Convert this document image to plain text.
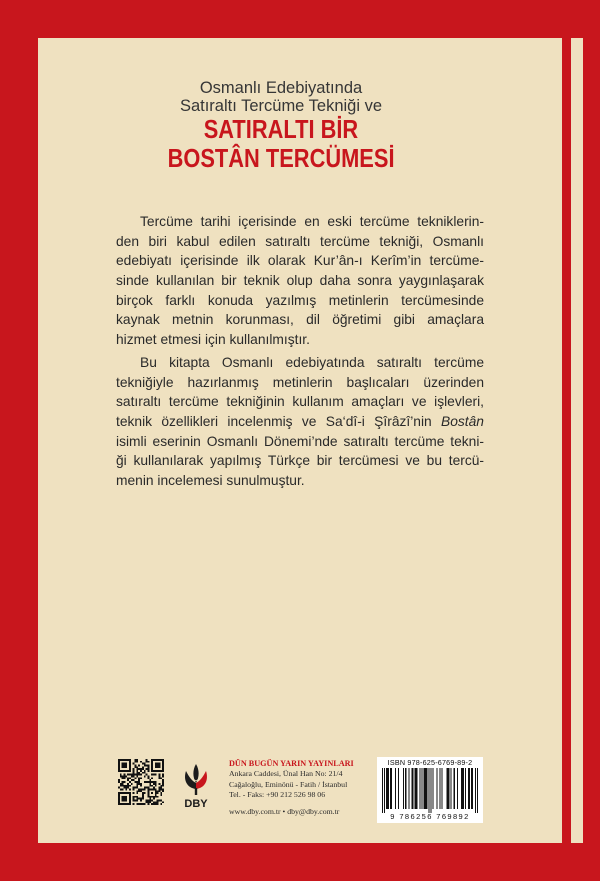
Osmanlı Edebiyatında
Satıraltı Tercüme Tekniği ve
SATIRALTI BİR
BOSTÂN TERCÜMESİ
Tercüme tarihi içerisinde en eski tercüme tekniklerin-
den biri kabul edilen satıraltı tercüme tekniği, Osmanlı
edebiyatı içerisinde ilk olarak Kur’ân-ı Kerîm’in tercüme-
sinde kullanılan bir teknik olup daha sonra yaygınlaşarak
birçok farklı konuda yazılmış metinlerin tercümesinde
kaynak metnin korunması, dil öğretimi gibi amaçlara
hizmet etmesi için kullanılmıştır.
Bu kitapta Osmanlı edebiyatında satıraltı tercüme
tekniğiyle hazırlanmış metinlerin başlıcaları üzerinden
satıraltı tercüme tekniğinin kullanım amaçları ve işlevleri,
teknik özellikleri incelenmiş ve Sa‘dî-i Şîrâzî’nin Bostân
isimli eserinin Osmanlı Dönemi’nde satıraltı tercüme tekni-
ği kullanılarak yapılmış Türkçe bir tercümesi ve bu tercü-
menin incelemesi sunulmuştur.
DBY
DÜN BUGÜN YARIN YAYINLARI
Ankara Caddesi, Ünal Han No: 21/4
Cağaloğlu, Eminönü - Fatih / İstanbul
Tel. - Faks: +90 212 526 98 06
www.dby.com.tr • dby@dby.com.tr
ISBN 978-625-6769-89-2
9 786256 769892
